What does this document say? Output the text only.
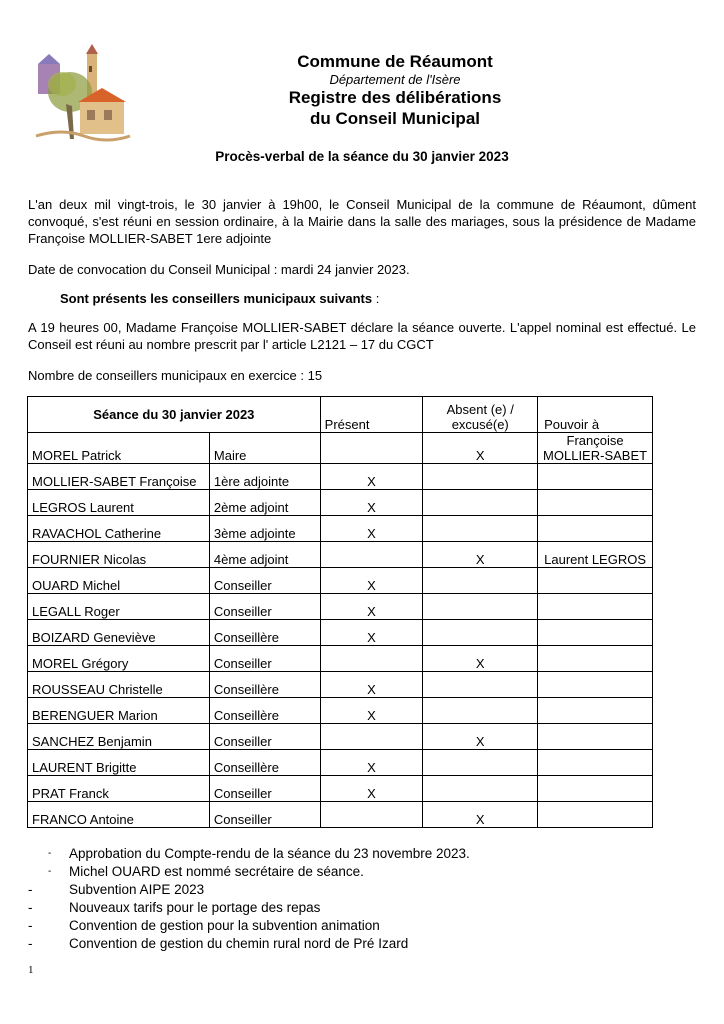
Commune de Réaumont
Département de l'Isère
Registre des délibérations
du Conseil Municipal
Procès-verbal de la séance du 30 janvier 2023
L'an deux mil vingt-trois, le 30 janvier à 19h00, le Conseil Municipal de la commune de Réaumont, dûment convoqué, s'est réuni en session ordinaire, à la Mairie dans la salle des mariages, sous la présidence de Madame Françoise MOLLIER-SABET 1ere adjointe
Date de convocation du Conseil Municipal : mardi 24 janvier 2023.
Sont présents les conseillers municipaux suivants :
A 19 heures 00, Madame Françoise MOLLIER-SABET déclare la séance ouverte. L'appel nominal est effectué. Le Conseil est réuni au nombre prescrit par l' article L2121 – 17 du CGCT
Nombre de conseillers municipaux en exercice : 15
Séance du 30 janvier 2023		Présent	Absent (e) /
excusé(e)	Pouvoir à
MOREL Patrick	Maire		X	Françoise MOLLIER-SABET
MOLLIER-SABET Françoise	1ère adjointe	X		
LEGROS Laurent	2ème adjoint	X		
RAVACHOL Catherine	3ème adjointe	X		
FOURNIER Nicolas	4ème adjoint		X	Laurent LEGROS
OUARD Michel	Conseiller	X		
LEGALL Roger	Conseiller	X		
BOIZARD Geneviève	Conseillère	X		
MOREL Grégory	Conseiller		X	
ROUSSEAU Christelle	Conseillère	X		
BERENGUER Marion	Conseillère	X		
SANCHEZ Benjamin	Conseiller		X	
LAURENT Brigitte	Conseillère	X		
PRAT Franck	Conseiller	X		
FRANCO Antoine	Conseiller		X	
- Approbation du Compte-rendu de la séance du 23 novembre 2023.
- Michel OUARD est nommé secrétaire de séance.
-	Subvention AIPE 2023
-	Nouveaux tarifs pour le portage des repas
-	Convention de gestion pour la subvention animation
-	Convention de gestion du chemin rural nord de Pré Izard
1
